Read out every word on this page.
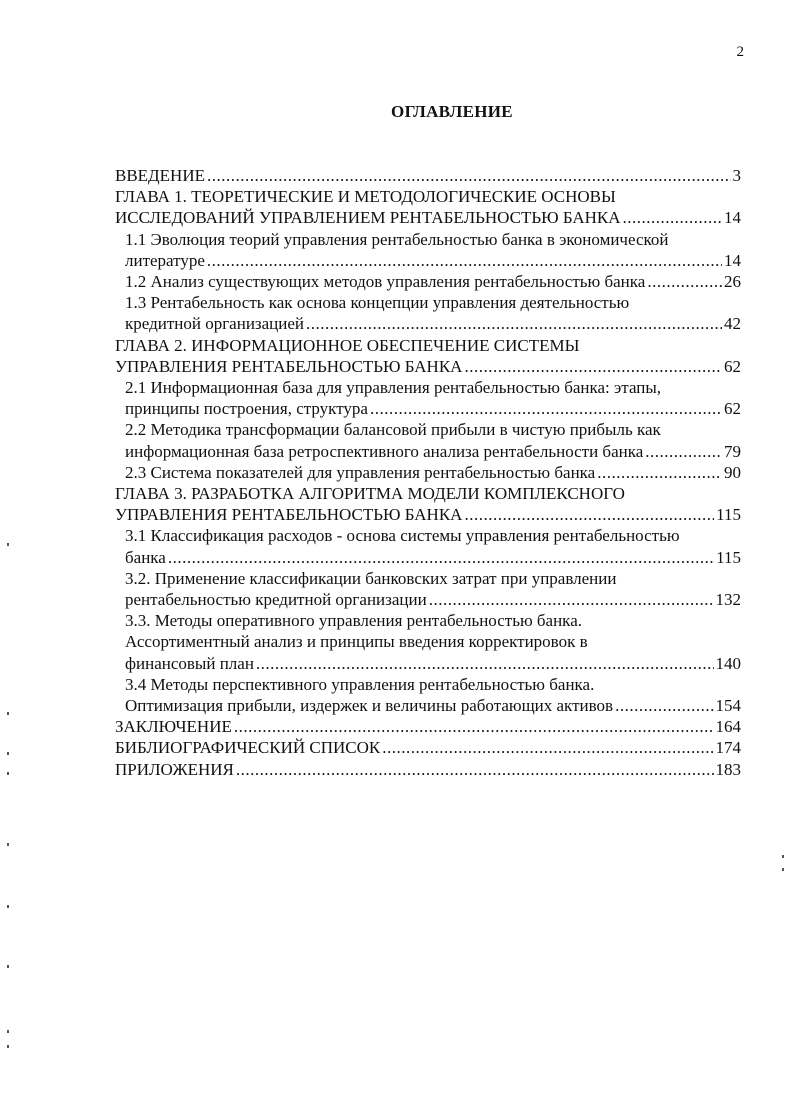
2
ОГЛАВЛЕНИЕ
ВВЕДЕНИЕ .....	3
ГЛАВА 1. ТЕОРЕТИЧЕСКИЕ И МЕТОДОЛОГИЧЕСКИЕ ОСНОВЫ
ИССЛЕДОВАНИЙ УПРАВЛЕНИЕМ РЕНТАБЕЛЬНОСТЬЮ БАНКА .....	14
1.1 Эволюция теорий управления рентабельностью банка в экономической
литературе .....	14
1.2 Анализ существующих методов управления рентабельностью банка .....	26
1.3 Рентабельность как основа концепции управления деятельностью
кредитной организацией .....	42
ГЛАВА 2. ИНФОРМАЦИОННОЕ ОБЕСПЕЧЕНИЕ СИСТЕМЫ
УПРАВЛЕНИЯ РЕНТАБЕЛЬНОСТЬЮ БАНКА .....	62
2.1 Информационная база для управления рентабельностью банка: этапы,
принципы построения, структура .....	62
2.2 Методика трансформации балансовой прибыли в чистую прибыль как
информационная база ретроспективного анализа рентабельности банка .....	79
2.3 Система показателей для управления рентабельностью банка .....	90
ГЛАВА 3. РАЗРАБОТКА АЛГОРИТМА МОДЕЛИ КОМПЛЕКСНОГО
УПРАВЛЕНИЯ РЕНТАБЕЛЬНОСТЬЮ БАНКА .....	115
3.1 Классификация расходов - основа системы управления рентабельностью
банка .....	115
3.2. Применение классификации банковских затрат при управлении
рентабельностью кредитной организации .....	132
3.3. Методы оперативного управления рентабельностью банка.
Ассортиментный анализ и принципы введения корректировок в
финансовый план .....	140
3.4 Методы перспективного управления рентабельностью банка.
Оптимизация прибыли, издержек и величины работающих активов .....	154
ЗАКЛЮЧЕНИЕ .....	164
БИБЛИОГРАФИЧЕСКИЙ СПИСОК .....	174
ПРИЛОЖЕНИЯ .....	183
